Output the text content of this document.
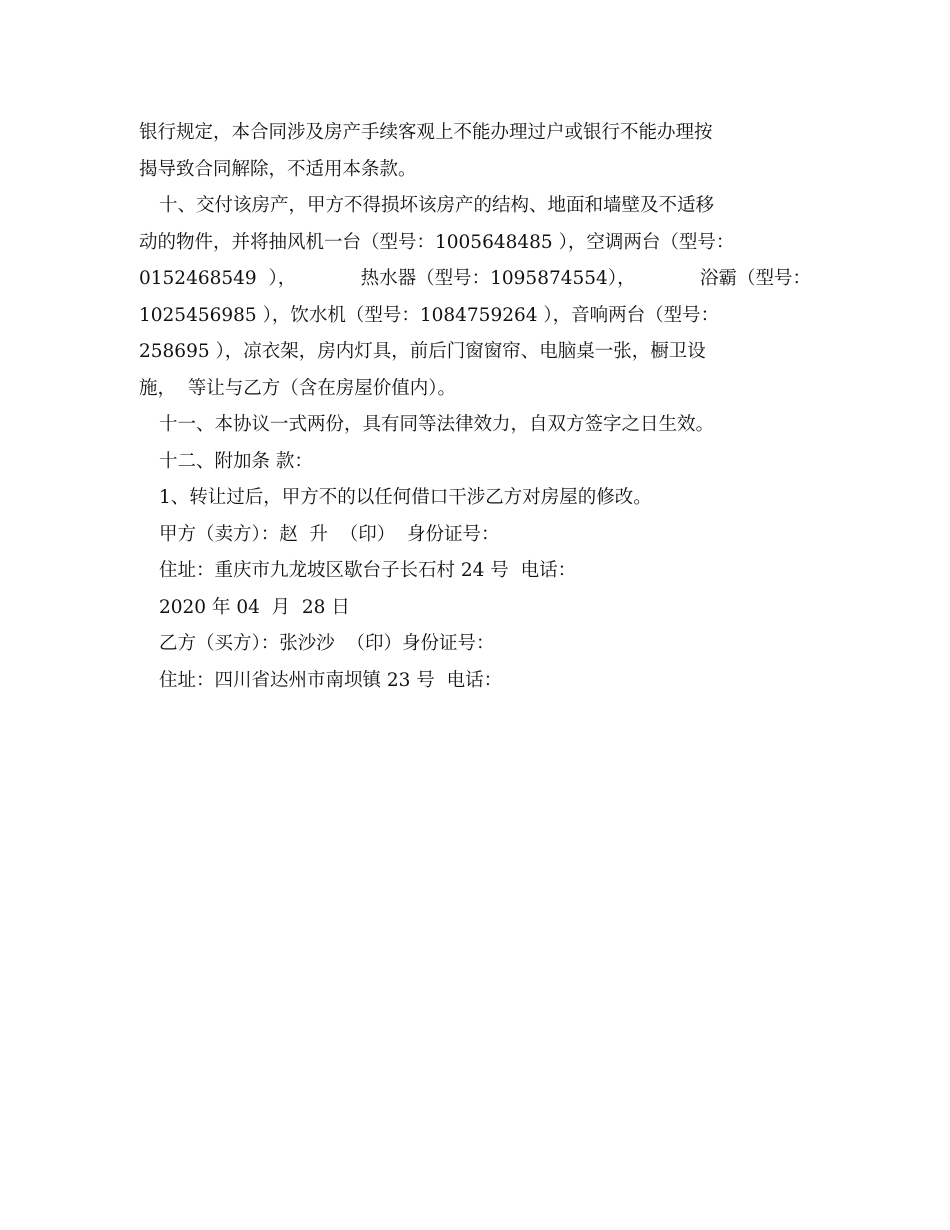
银行规定，本合同涉及房产手续客观上不能办理过户或银行不能办理按
揭导致合同解除，不适用本条款。
十、交付该房产，甲方不得损坏该房产的结构、地面和墙壁及不适移
动的物件，并将抽风机一台（型号：1005648485 ），空调两台（型号：
0152468549  ），	热水器（型号：1095874554），	浴霸（型号：
1025456985 ），饮水机（型号：1084759264 ），音响两台（型号：
258695 ），凉衣架，房内灯具，前后门窗窗帘、电脑桌一张，橱卫设
施，  等让与乙方（含在房屋价值内）。
十一、本协议一式两份，具有同等法律效力，自双方签字之日生效。
十二、附加条 款：
1、转让过后，甲方不的以任何借口干涉乙方对房屋的修改。
甲方（卖方）：赵  升  （印）  身份证号：
住址：重庆市九龙坡区歇台子长石村 24 号  电话：
2020 年 04  月  28 日
乙方（买方）：张沙沙  （印）身份证号：
住址：四川省达州市南坝镇 23 号  电话：
